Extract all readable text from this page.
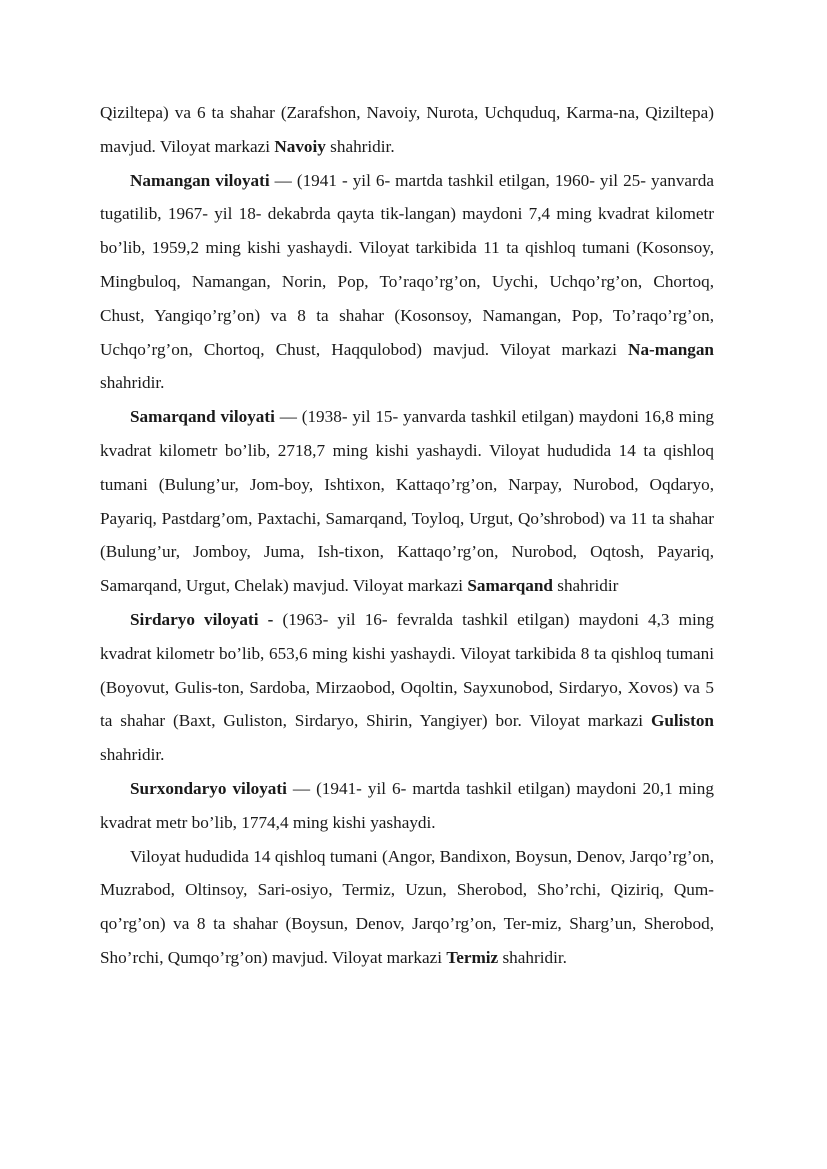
Qiziltepa) va 6 ta shahar (Zarafshon, Navoiy, Nurota, Uchquduq, Karma-na, Qiziltepa) mavjud. Viloyat markazi Navoiy shahridir.

Namangan viloyati — (1941 - yil 6- martda tashkil etilgan, 1960- yil 25- yanvarda tugatilib, 1967- yil 18- dekabrda qayta tik-langan) maydoni 7,4 ming kvadrat kilometr bo’lib, 1959,2 ming kishi yashaydi. Viloyat tarkibida 11 ta qishloq tumani (Kosonsoy, Mingbuloq, Namangan, Norin, Pop, To’raqo’rg’on, Uychi, Uchqo’rg’on, Chortoq, Chust, Yangiqo’rg’on) va 8 ta shahar (Kosonsoy, Namangan, Pop, To’raqo’rg’on, Uchqo’rg’on, Chortoq, Chust, Haqqulobod) mavjud. Viloyat markazi Na-mangan shahridir.

Samarqand viloyati — (1938- yil 15- yanvarda tashkil etilgan) maydoni 16,8 ming kvadrat kilometr bo’lib, 2718,7 ming kishi yashaydi. Viloyat hududida 14 ta qishloq tumani (Bulung’ur, Jom-boy, Ishtixon, Kattaqo’rg’on, Narpay, Nurobod, Oqdaryo, Payariq, Pastdarg’om, Paxtachi, Samarqand, Toyloq, Urgut, Qo’shrobod) va 11 ta shahar (Bulung’ur, Jomboy, Juma, Ish-tixon, Kattaqo’rg’on, Nurobod, Oqtosh, Payariq, Samarqand, Urgut, Chelak) mavjud. Viloyat markazi Samarqand shahridir

Sirdaryo viloyati - (1963- yil 16- fevralda tashkil etilgan) maydoni 4,3 ming kvadrat kilometr bo’lib, 653,6 ming kishi yashaydi. Viloyat tarkibida 8 ta qishloq tumani (Boyovut, Gulis-ton, Sardoba, Mirzaobod, Oqoltin, Sayxunobod, Sirdaryo, Xovos) va 5 ta shahar (Baxt, Guliston, Sirdaryo, Shirin, Yangiyer) bor. Viloyat markazi Guliston shahridir.

Surxondaryo viloyati — (1941- yil 6- martda tashkil etilgan) maydoni 20,1 ming kvadrat metr bo’lib, 1774,4 ming kishi yashaydi.

Viloyat hududida 14 qishloq tumani (Angor, Bandixon, Boysun, Denov, Jarqo’rg’on, Muzrabod, Oltinsoy, Sari-osiyo, Termiz, Uzun, Sherobod, Sho’rchi, Qiziriq, Qum-qo’rg’on) va 8 ta shahar (Boysun, Denov, Jarqo’rg’on, Ter-miz, Sharg’un, Sherobod, Sho’rchi, Qumqo’rg’on) mavjud. Viloyat markazi Termiz shahridir.
